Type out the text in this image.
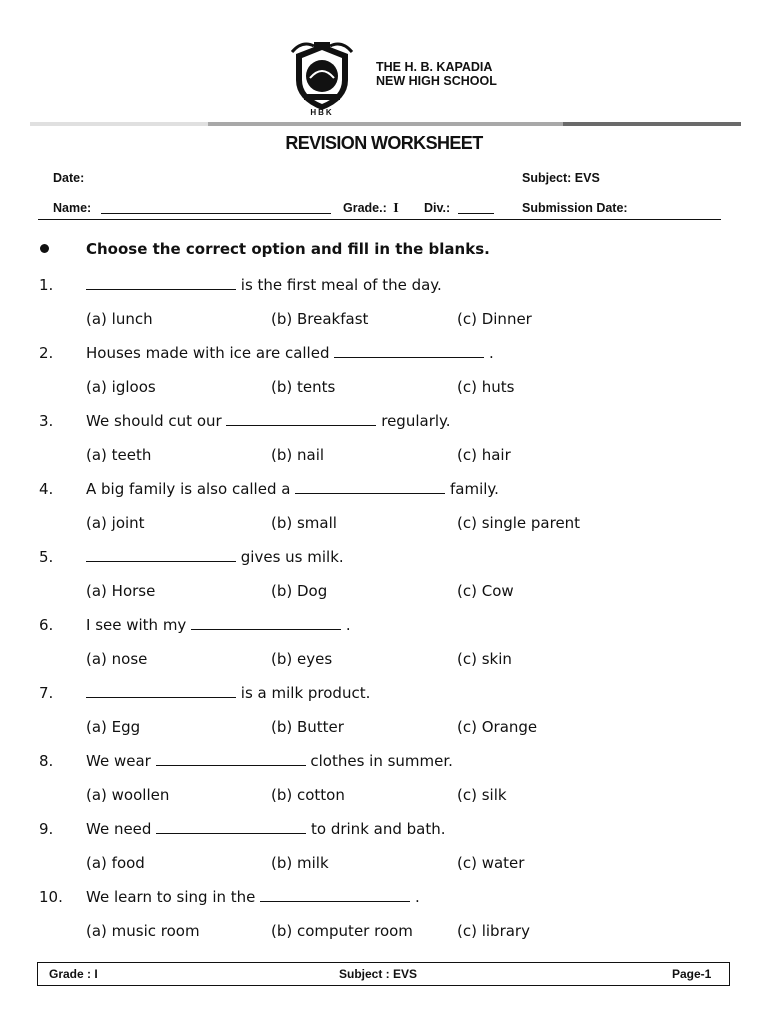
HBK
THE H. B. KAPADIA
NEW HIGH SCHOOL
REVISION WORKSHEET
Date:	Subject: EVS
Name:	Grade.: I Div.:	Submission Date:
Choose the correct option and fill in the blanks.
1.	is the first meal of the day.
(a) lunch	(b) Breakfast	(c) Dinner
2. Houses made with ice are called	.
(a) igloos	(b) tents	(c) huts
3. We should cut our	regularly.
(a) teeth	(b) nail	(c) hair
4. A big family is also called a	family.
(a) joint	(b) small	(c) single parent
5.	gives us milk.
(a) Horse	(b) Dog	(c) Cow
6. I see with my	.
(a) nose	(b) eyes	(c) skin
7.	is a milk product.
(a) Egg	(b) Butter	(c) Orange
8. We wear	clothes in summer.
(a) woollen	(b) cotton	(c) silk
9. We need	to drink and bath.
(a) food	(b) milk	(c) water
10. We learn to sing in the	.
(a) music room	(b) computer room	(c) library
Grade : I	Subject : EVS	Page-1
